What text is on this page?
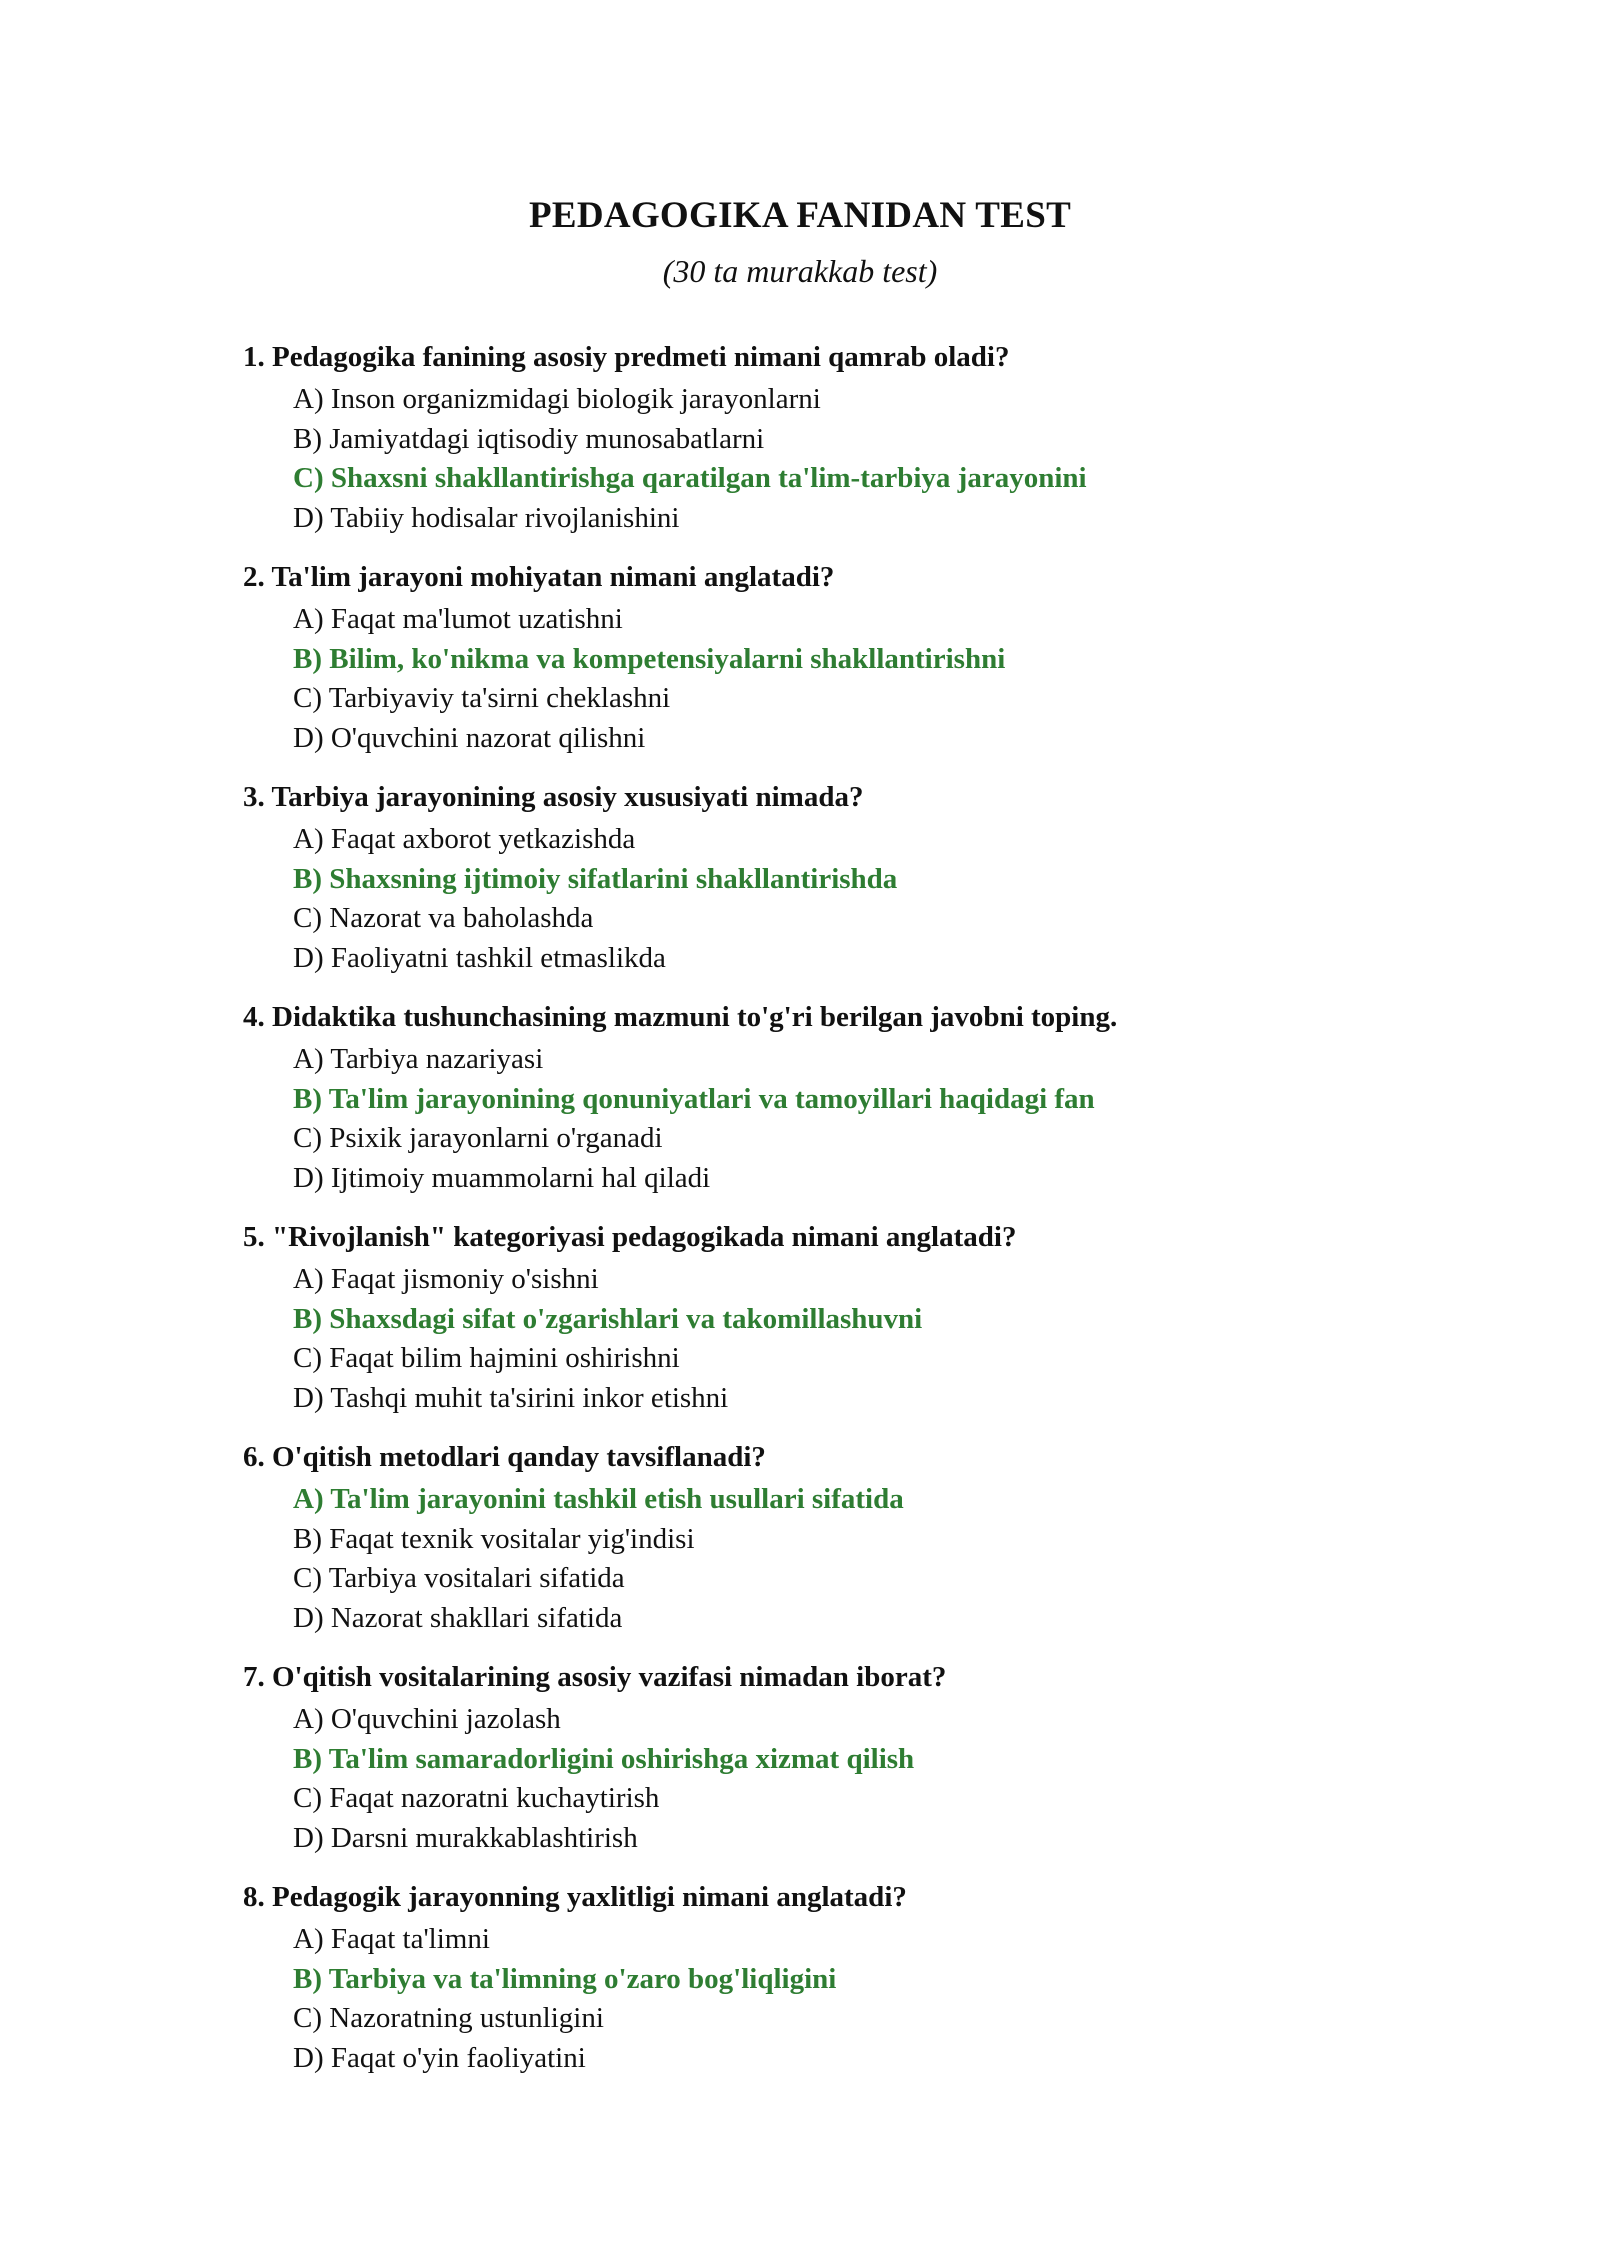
PEDAGOGIKA FANIDAN TEST
(30 ta murakkab test)
1. Pedagogika fanining asosiy predmeti nimani qamrab oladi?
A) Inson organizmidagi biologik jarayonlarni
B) Jamiyatdagi iqtisodiy munosabatlarni
C) Shaxsni shakllantirishga qaratilgan ta'lim-tarbiya jarayonini
D) Tabiiy hodisalar rivojlanishini
2. Ta'lim jarayoni mohiyatan nimani anglatadi?
A) Faqat ma'lumot uzatishni
B) Bilim, ko'nikma va kompetensiyalarni shakllantirishni
C) Tarbiyaviy ta'sirni cheklashni
D) O'quvchini nazorat qilishni
3. Tarbiya jarayonining asosiy xususiyati nimada?
A) Faqat axborot yetkazishda
B) Shaxsning ijtimoiy sifatlarini shakllantirishda
C) Nazorat va baholashda
D) Faoliyatni tashkil etmaslikda
4. Didaktika tushunchasining mazmuni to'g'ri berilgan javobni toping.
A) Tarbiya nazariyasi
B) Ta'lim jarayonining qonuniyatlari va tamoyillari haqidagi fan
C) Psixik jarayonlarni o'rganadi
D) Ijtimoiy muammolarni hal qiladi
5. "Rivojlanish" kategoriyasi pedagogikada nimani anglatadi?
A) Faqat jismoniy o'sishni
B) Shaxsdagi sifat o'zgarishlari va takomillashuvni
C) Faqat bilim hajmini oshirishni
D) Tashqi muhit ta'sirini inkor etishni
6. O'qitish metodlari qanday tavsiflanadi?
A) Ta'lim jarayonini tashkil etish usullari sifatida
B) Faqat texnik vositalar yig'indisi
C) Tarbiya vositalari sifatida
D) Nazorat shakllari sifatida
7. O'qitish vositalarining asosiy vazifasi nimadan iborat?
A) O'quvchini jazolash
B) Ta'lim samaradorligini oshirishga xizmat qilish
C) Faqat nazoratni kuchaytirish
D) Darsni murakkablashtirish
8. Pedagogik jarayonning yaxlitligi nimani anglatadi?
A) Faqat ta'limni
B) Tarbiya va ta'limning o'zaro bog'liqligini
C) Nazoratning ustunligini
D) Faqat o'yin faoliyatini
